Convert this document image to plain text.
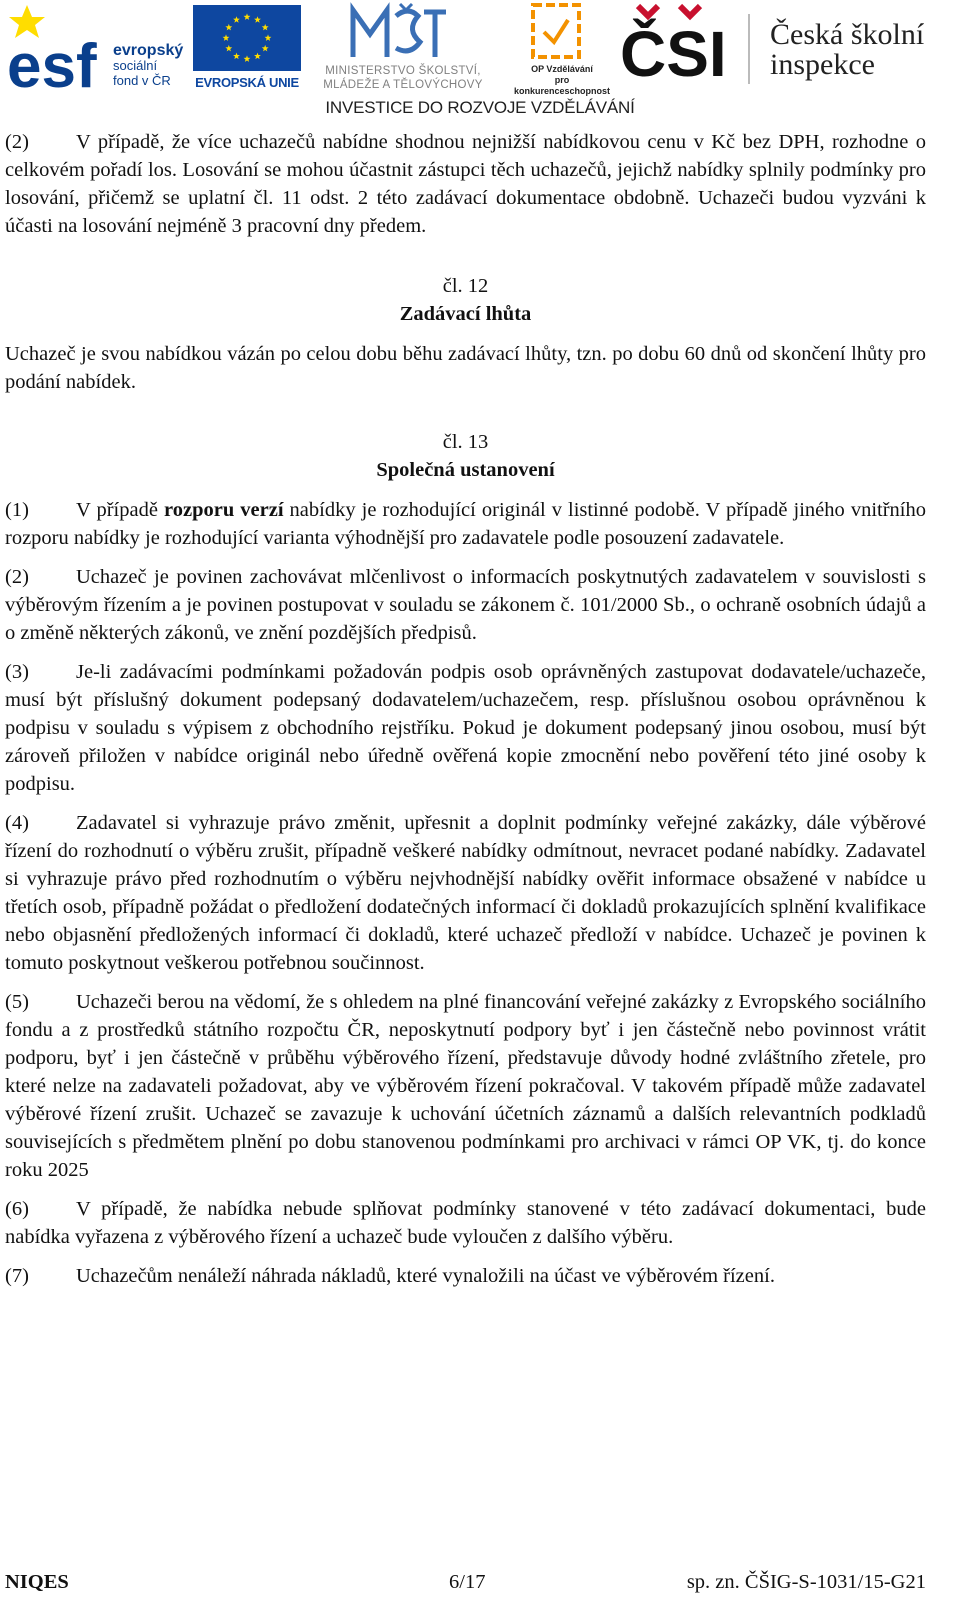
esf evropský
sociální
fond v ČR	EVROPSKÁ UNIE
MINISTERSTVO ŠKOLSTVÍ,
MLÁDEŽE A TĚLOVÝCHOVY
OP Vzdělávání
pro konkurenceschopnost
ČSI Česká školní
inspekce
INVESTICE DO ROZVOJE VZDĚLÁVÁNÍ

(2) V případě, že více uchazečů nabídne shodnou nejnižší nabídkovou cenu v Kč bez DPH, rozhodne o celkovém pořadí los. Losování se mohou účastnit zástupci těch uchazečů, jejichž nabídky splnily podmínky pro losování, přičemž se uplatní čl. 11 odst. 2 této zadávací dokumentace obdobně. Uchazeči budou vyzváni k účasti na losování nejméně 3 pracovní dny předem.

čl. 12

Zadávací lhůta

Uchazeč je svou nabídkou vázán po celou dobu běhu zadávací lhůty, tzn. po dobu 60 dnů od skončení lhůty pro podání nabídek.

čl. 13

Společná ustanovení

(1) V případě rozporu verzí nabídky je rozhodující originál v listinné podobě. V případě jiného vnitřního rozporu nabídky je rozhodující varianta výhodnější pro zadavatele podle posouzení zadavatele.

(2) Uchazeč je povinen zachovávat mlčenlivost o informacích poskytnutých zadavatelem v souvislosti s výběrovým řízením a je povinen postupovat v souladu se zákonem č. 101/2000 Sb., o ochraně osobních údajů a o změně některých zákonů, ve znění pozdějších předpisů.

(3) Je-li zadávacími podmínkami požadován podpis osob oprávněných zastupovat dodavatele/uchazeče, musí být příslušný dokument podepsaný dodavatelem/uchazečem, resp. příslušnou osobou oprávněnou k podpisu v souladu s výpisem z obchodního rejstříku. Pokud je dokument podepsaný jinou osobou, musí být zároveň přiložen v nabídce originál nebo úředně ověřená kopie zmocnění nebo pověření této jiné osoby k podpisu.

(4) Zadavatel si vyhrazuje právo změnit, upřesnit a doplnit podmínky veřejné zakázky, dále výběrové řízení do rozhodnutí o výběru zrušit, případně veškeré nabídky odmítnout, nevracet podané nabídky. Zadavatel si vyhrazuje právo před rozhodnutím o výběru nejvhodnější nabídky ověřit informace obsažené v nabídce u třetích osob, případně požádat o předložení dodatečných informací či dokladů prokazujících splnění kvalifikace nebo objasnění předložených informací či dokladů, které uchazeč předloží v nabídce. Uchazeč je povinen k tomuto poskytnout veškerou potřebnou součinnost.

(5) Uchazeči berou na vědomí, že s ohledem na plné financování veřejné zakázky z Evropského sociálního fondu a z prostředků státního rozpočtu ČR, neposkytnutí podpory byť i jen částečně nebo povinnost vrátit podporu, byť i jen částečně v průběhu výběrového řízení, představuje důvody hodné zvláštního zřetele, pro které nelze na zadavateli požadovat, aby ve výběrovém řízení pokračoval. V takovém případě může zadavatel výběrové řízení zrušit. Uchazeč se zavazuje k uchování účetních záznamů a dalších relevantních podkladů souvisejících s předmětem plnění po dobu stanovenou podmínkami pro archivaci v rámci OP VK, tj. do konce roku 2025

(6) V případě, že nabídka nebude splňovat podmínky stanovené v této zadávací dokumentaci, bude nabídka vyřazena z výběrového řízení a uchazeč bude vyloučen z dalšího výběru.

(7) Uchazečům nenáleží náhrada nákladů, které vynaložili na účast ve výběrovém řízení.

NIQES	6/17	sp. zn. ČŠIG-S-1031/15-G21
